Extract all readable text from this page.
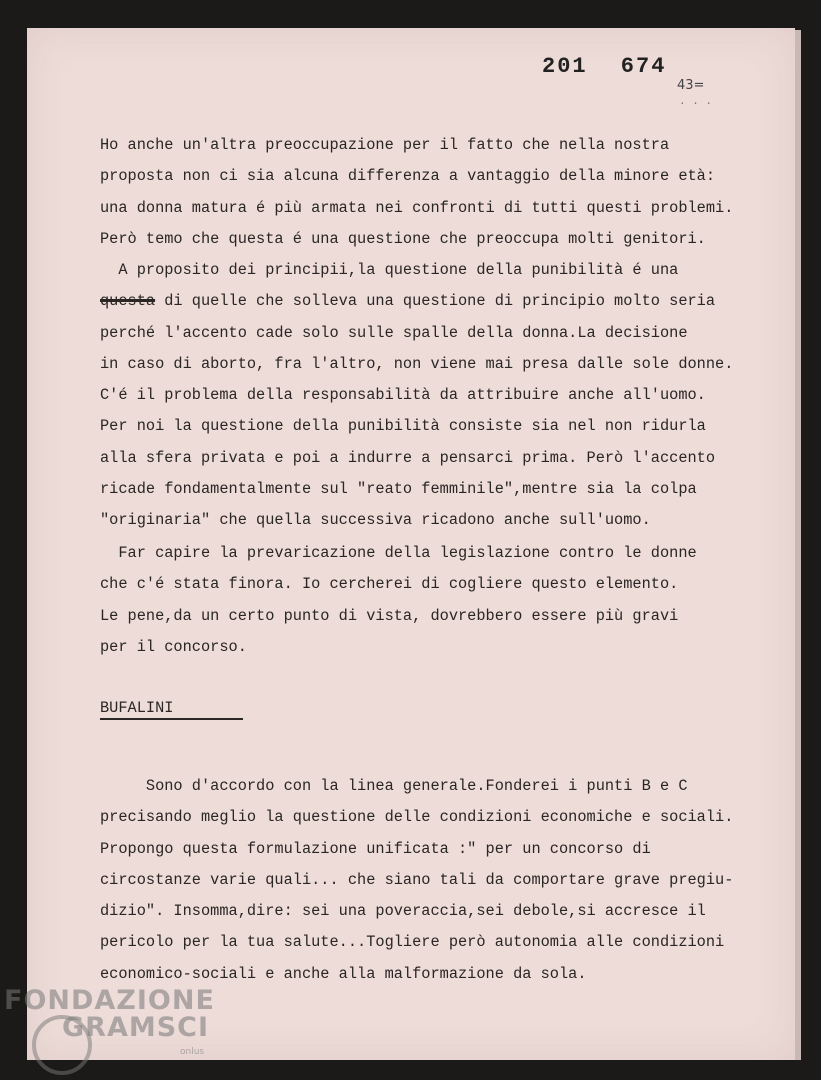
201 674
43=
. . .
Ho anche un'altra preoccupazione per il fatto che nella nostra
proposta non ci sia alcuna differenza a vantaggio della minore età:
una donna matura é più armata nei confronti di tutti questi problemi.
Però temo che questa é una questione che preoccupa molti genitori.
A proposito dei principii,la questione della punibilità é una
questa di quelle che solleva una questione di principio molto seria
perché l'accento cade solo sulle spalle della donna.La decisione
in caso di aborto, fra l'altro, non viene mai presa dalle sole donne.
C'é il problema della responsabilità da attribuire anche all'uomo.
Per noi la questione della punibilità consiste sia nel non ridurla
alla sfera privata e poi a indurre a pensarci prima. Però l'accento
ricade fondamentalmente sul "reato femminile",mentre sia la colpa
"originaria" che quella successiva ricadono anche sull'uomo.
Far capire la prevaricazione della legislazione contro le donne
che c'é stata finora. Io cercherei di cogliere questo elemento.
Le pene,da un certo punto di vista, dovrebbero essere più gravi
per il concorso.
BUFALINI
Sono d'accordo con la linea generale.Fonderei i punti B e C
precisando meglio la questione delle condizioni economiche e sociali.
Propongo questa formulazione unificata :" per un concorso di
circostanze varie quali... che siano tali da comportare grave pregiu-
dizio". Insomma,dire: sei una poveraccia,sei debole,si accresce il
pericolo per la tua salute...Togliere però autonomia alle condizioni
economico-sociali e anche alla malformazione da sola.
FONDAZIONE
GRAMSCI
onlus
